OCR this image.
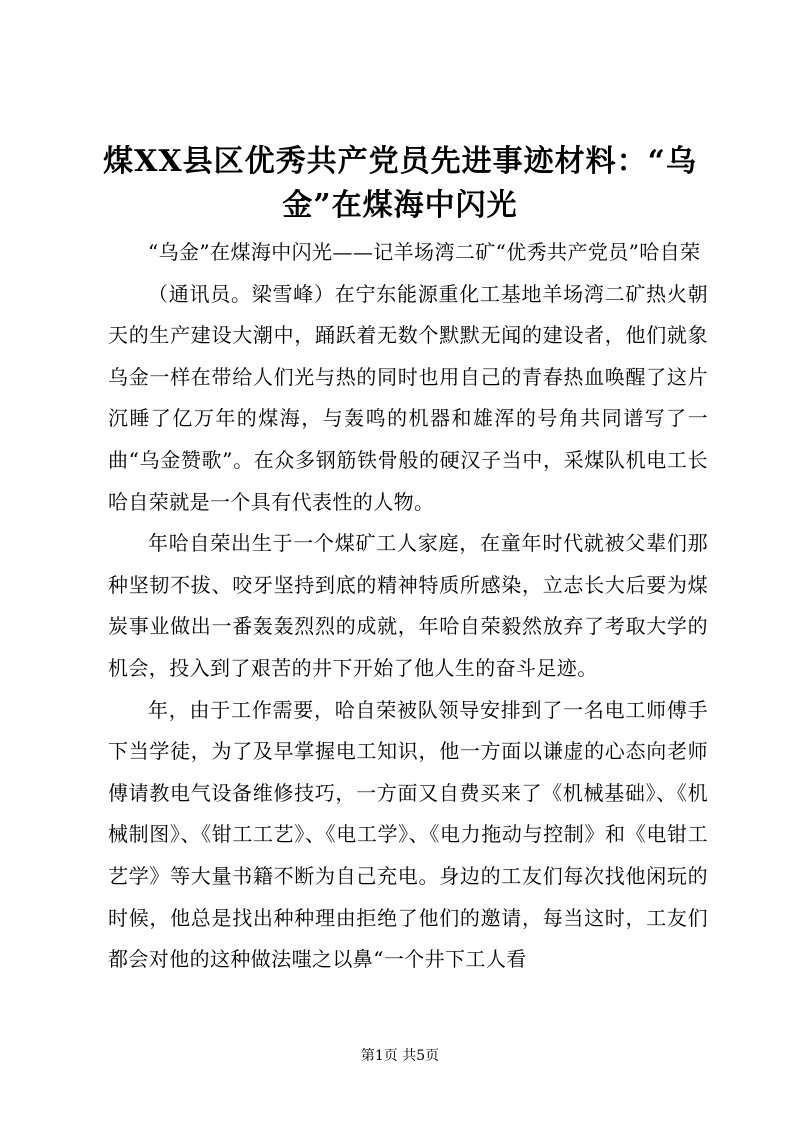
煤XX县区优秀共产党员先进事迹材料：“乌金”在煤海中闪光

“乌金”在煤海中闪光——记羊场湾二矿“优秀共产党员”哈自荣

（通讯员。梁雪峰）在宁东能源重化工基地羊场湾二矿热火朝天的生产建设大潮中，踊跃着无数个默默无闻的建设者，他们就象乌金一样在带给人们光与热的同时也用自己的青春热血唤醒了这片沉睡了亿万年的煤海，与轰鸣的机器和雄浑的号角共同谱写了一曲“乌金赞歌”。在众多钢筋铁骨般的硬汉子当中，采煤队机电工长哈自荣就是一个具有代表性的人物。

年哈自荣出生于一个煤矿工人家庭，在童年时代就被父辈们那种坚韧不拔、咬牙坚持到底的精神特质所感染，立志长大后要为煤炭事业做出一番轰轰烈烈的成就，年哈自荣毅然放弃了考取大学的机会，投入到了艰苦的井下开始了他人生的奋斗足迹。

年，由于工作需要，哈自荣被队领导安排到了一名电工师傅手下当学徒，为了及早掌握电工知识，他一方面以谦虚的心态向老师傅请教电气设备维修技巧，一方面又自费买来了《机械基础》、《机械制图》、《钳工工艺》、《电工学》、《电力拖动与控制》和《电钳工艺学》等大量书籍不断为自己充电。身边的工友们每次找他闲玩的时候，他总是找出种种理由拒绝了他们的邀请，每当这时，工友们都会对他的这种做法嗤之以鼻“一个井下工人看

第1页 共5页
